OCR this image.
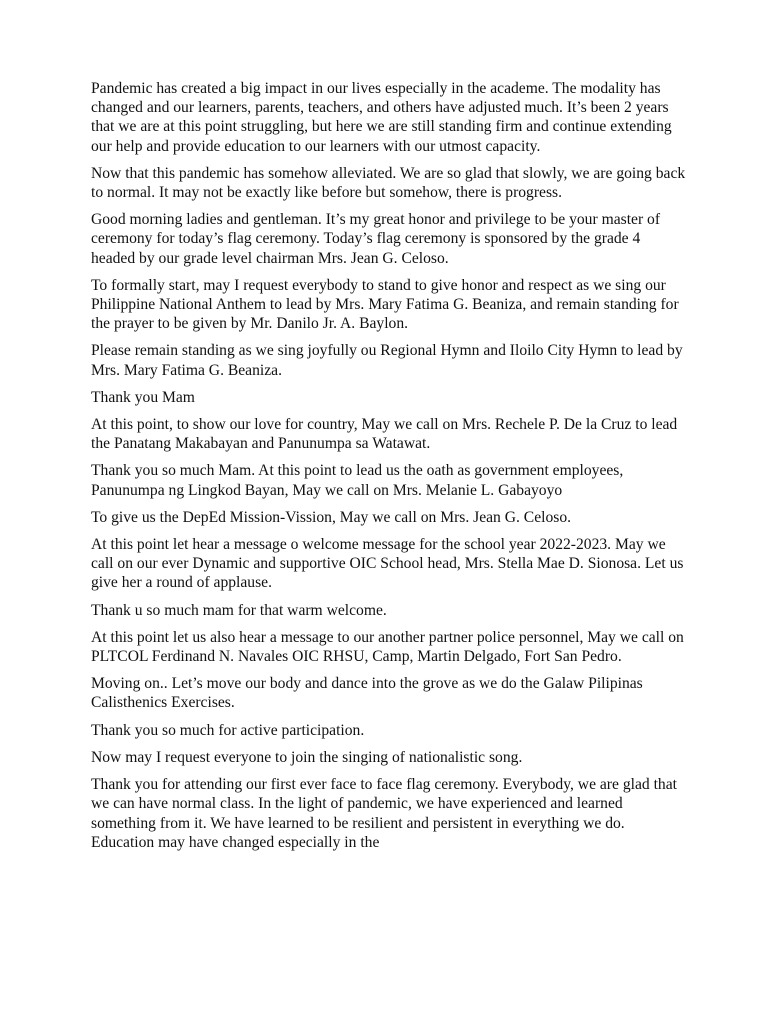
Pandemic has created a big impact in our lives especially in the academe. The modality has changed and our learners, parents, teachers, and others have adjusted much. It’s been 2 years that we are at this point struggling, but here we are still standing firm and continue extending our help and provide education to our learners with our utmost capacity.

Now that this pandemic has somehow alleviated. We are so glad that slowly, we are going back to normal. It may not be exactly like before but somehow, there is progress.

Good morning ladies and gentleman. It’s my great honor and privilege to be your master of ceremony for today’s flag ceremony. Today’s flag ceremony is sponsored by the grade 4 headed by our grade level chairman Mrs. Jean G. Celoso.

To formally start, may I request everybody to stand to give honor and respect as we sing our Philippine National Anthem to lead by Mrs. Mary Fatima G. Beaniza, and remain standing for the prayer to be given by Mr. Danilo Jr. A. Baylon.

Please remain standing as we sing joyfully ou Regional Hymn and Iloilo City Hymn to lead by Mrs. Mary Fatima G. Beaniza.

Thank you Mam

At this point, to show our love for country, May we call on Mrs. Rechele P. De la Cruz to lead the Panatang Makabayan and Panunumpa sa Watawat.

Thank you so much Mam. At this point to lead us the oath as government employees, Panunumpa ng Lingkod Bayan, May we call on Mrs. Melanie L. Gabayoyo

To give us the DepEd Mission-Vission, May we call on Mrs. Jean G. Celoso.

At this point let hear a message o welcome message for the school year 2022-2023. May we call on our ever Dynamic and supportive OIC School head, Mrs. Stella Mae D. Sionosa. Let us give her a round of applause.

Thank u so much mam for that warm welcome.

At this point let us also hear a message to our another partner police personnel, May we call on PLTCOL Ferdinand N. Navales OIC RHSU, Camp, Martin Delgado, Fort San Pedro.

Moving on.. Let’s move our body and dance into the grove as we do the Galaw Pilipinas Calisthenics Exercises.

Thank you so much for active participation.

Now may I request everyone to join the singing of nationalistic song.

Thank you for attending our first ever face to face flag ceremony. Everybody, we are glad that we can have normal class. In the light of pandemic, we have experienced and learned something from it. We have learned to be resilient and persistent in everything we do. Education may have changed especially in the
